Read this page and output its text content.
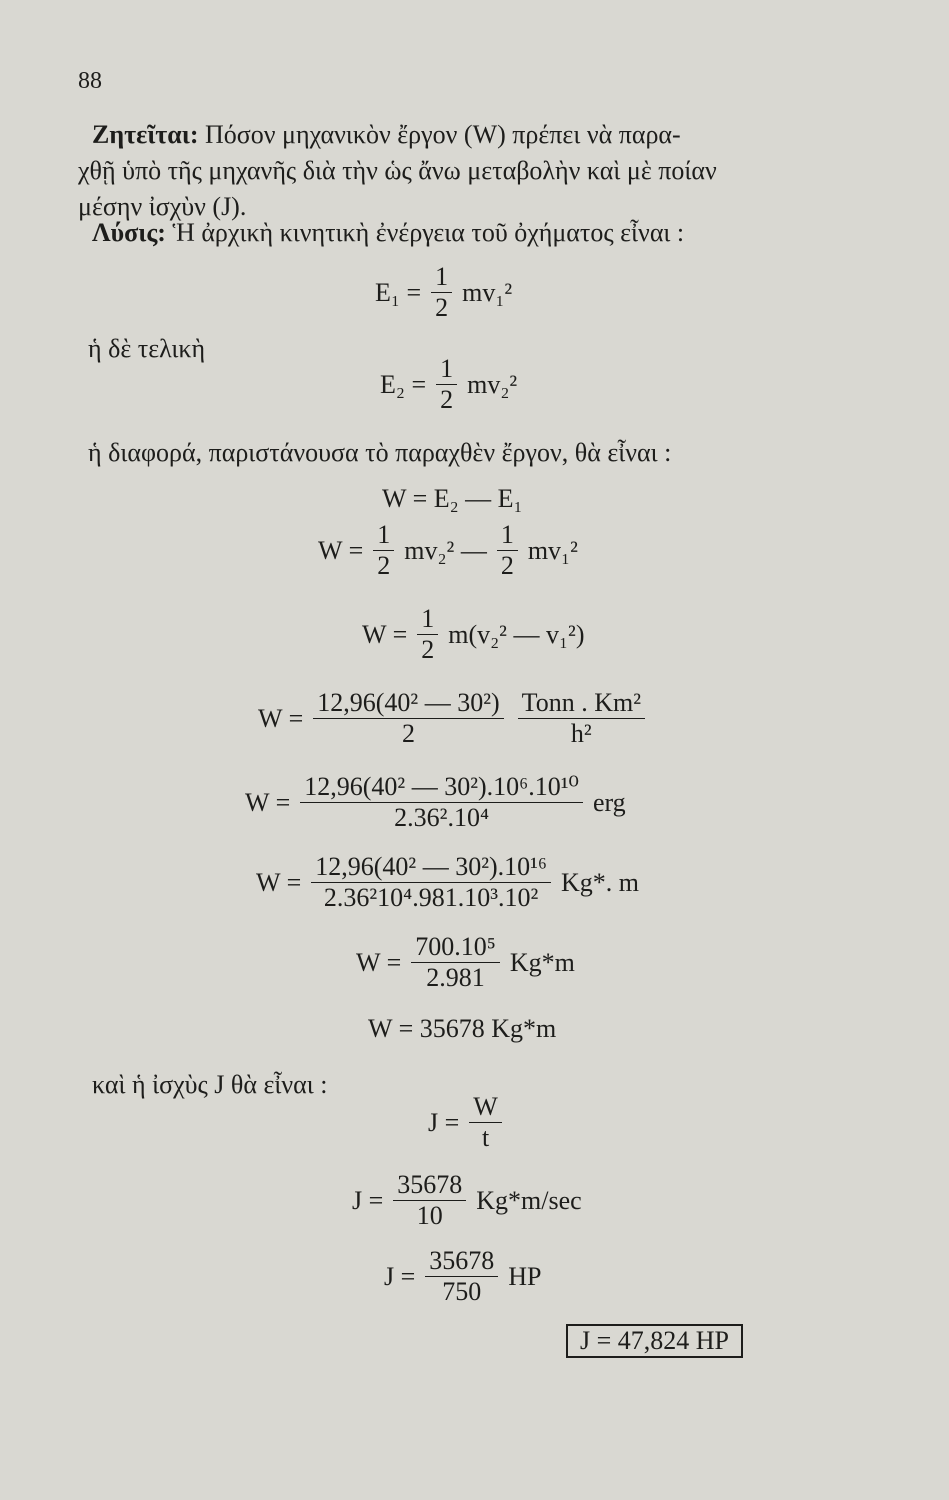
88
Ζητεῖται: Πόσον μηχανικὸν ἔργον (W) πρέπει νὰ παρα-
χθῇ ὑπὸ τῆς μηχανῆς διὰ τὴν ὡς ἄνω μεταβολὴν καὶ μὲ ποίαν
μέσην ἰσχὺν (J).
Λύσις: Ἡ ἀρχικὴ κινητικὴ ἐνέργεια τοῦ ὀχήματος εἶναι :
$E_1 = \frac{1}{2} mv_1^2$
ἡ δὲ τελικὴ
$E_2 = \frac{1}{2} mv_2^2$
ἡ διαφορά, παριστάνουσα τὸ παραχθὲν ἔργον, θὰ εἶναι :
W = E₂ — E₁
$W = \frac{1}{2} mv_2^2$ — $\frac{1}{2} mv_1^2$
$W = \frac{1}{2} m(v_2^2$ — v₁²)
$W = \frac{\text{12,96(40² — 30²)}}{2} \frac{\text{Tonn . Km²}}{\text{h²}}$
$W = \frac{\text{12,96(40² — 30²).10⁶.10¹⁰}}{\text{2.36².10⁴}}$ erg
$W = \frac{\text{12,96(40² — 30²).10¹⁶}}{\text{2.36²10⁴.981.10³.10²}} Kg*$. m
$W = \frac{\text{700.10⁵}}{2.981} Kg*m$
W = 35678 Kg*m
καὶ ἡ ἰσχὺς J θὰ εἶναι :
$J = \frac{W}{t}$
$J = \frac{35678}{10} Kg*m/\sec$
$J = \frac{35678}{750}$ HP
J = 47,824 HP
